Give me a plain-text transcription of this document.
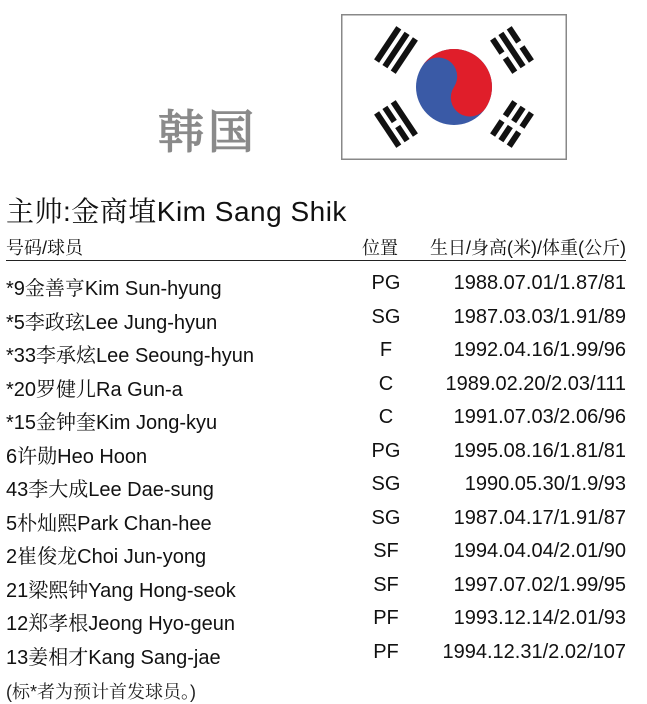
韩国

主帅:金商埴Kim Sang Shik

号码/球员	位置 生日/身高(米)/体重(公斤)
*9金善亨Kim Sun-hyung	PG	1988.07.01/1.87/81
*5李政玹Lee Jung-hyun	SG	1987.03.03/1.91/89
*33李承炫Lee Seoung-hyun	F	1992.04.16/1.99/96
*20罗健儿Ra Gun-a	C	1989.02.20/2.03/111
*15金钟奎Kim Jong-kyu	C	1991.07.03/2.06/96
6许勋Heo Hoon	PG	1995.08.16/1.81/81
43李大成Lee Dae-sung	SG	1990.05.30/1.9/93
5朴灿熙Park Chan-hee	SG	1987.04.17/1.91/87
2崔俊龙Choi Jun-yong	SF	1994.04.04/2.01/90
21梁熙钟Yang Hong-seok	SF	1997.07.02/1.99/95
12郑孝根Jeong Hyo-geun	PF	1993.12.14/2.01/93
13姜相才Kang Sang-jae	PF	1994.12.31/2.02/107

(标*者为预计首发球员。)
